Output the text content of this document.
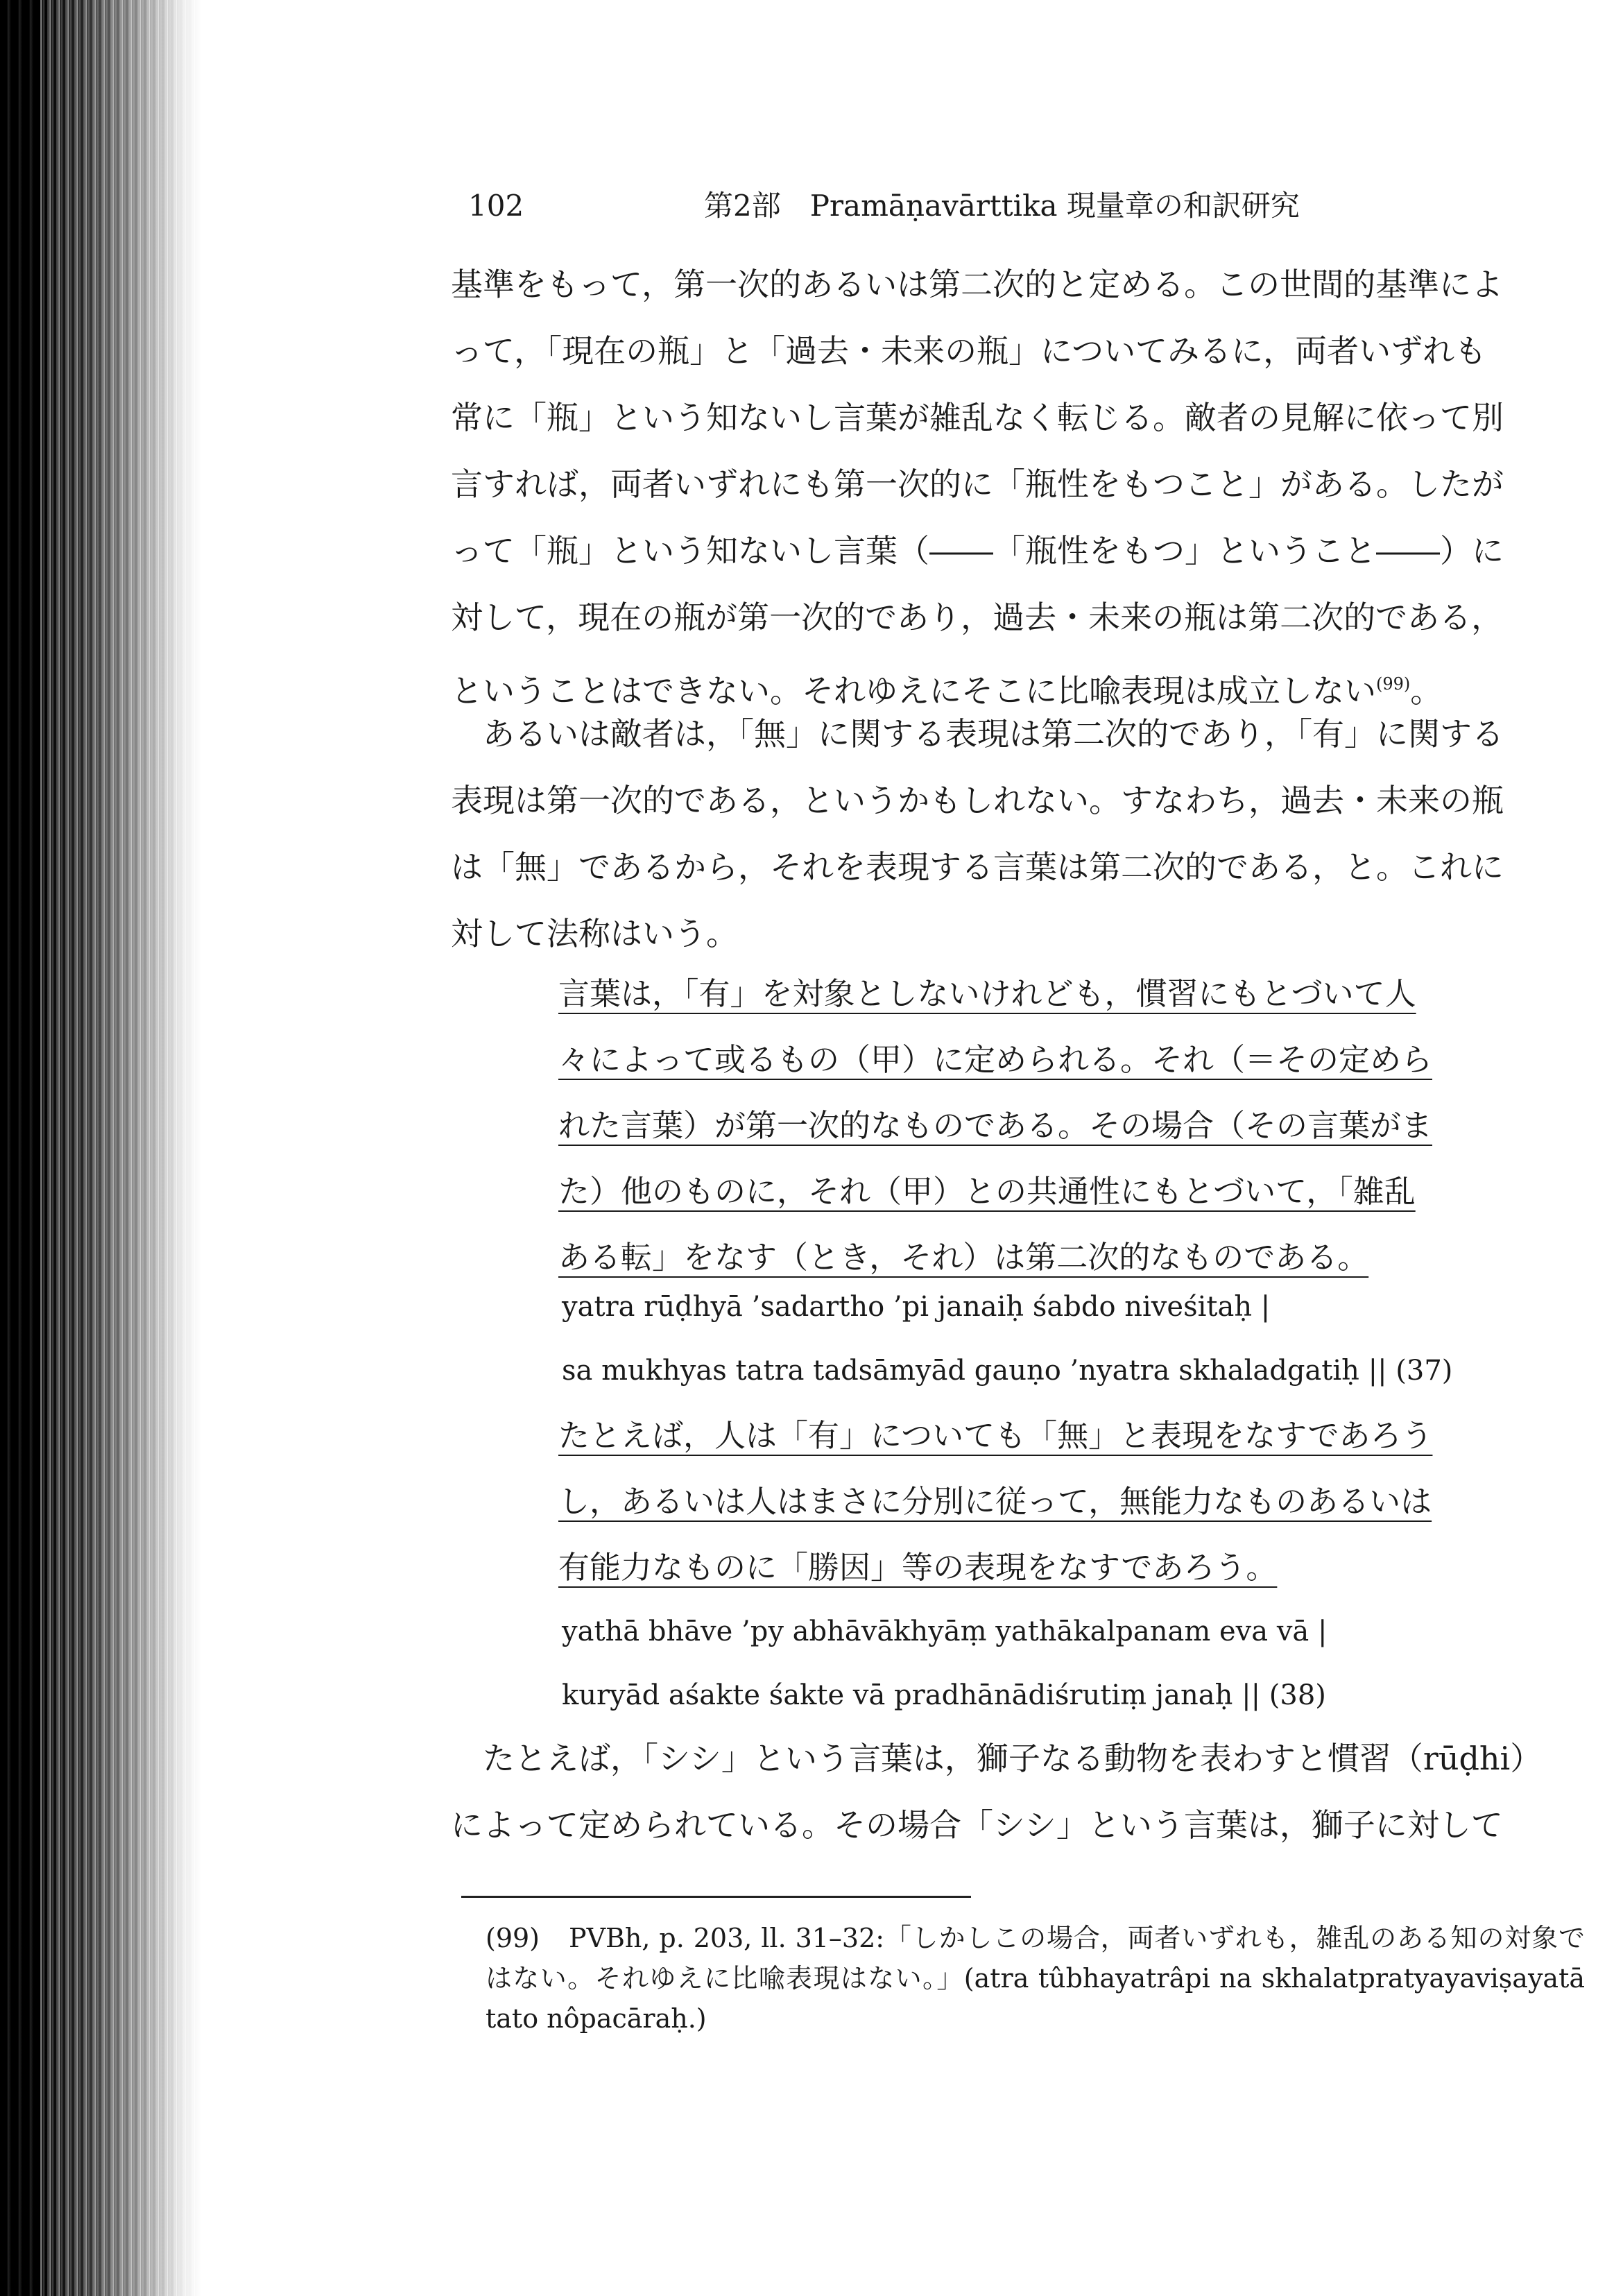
102	第2部　Pramāṇavārttika 現量章の和訳研究

基準をもって，第一次的あるいは第二次的と定める。この世間的基準によ

って，「現在の瓶」と「過去・未来の瓶」についてみるに，両者いずれも

常に「瓶」という知ないし言葉が雑乱なく転じる。敵者の見解に依って別

言すれば，両者いずれにも第一次的に「瓶性をもつこと」がある。したが

って「瓶」という知ないし言葉（――「瓶性をもつ」ということ――）に

対して，現在の瓶が第一次的であり，過去・未来の瓶は第二次的である，

ということはできない。それゆえにそこに比喩表現は成立しない$^{(99)}$。

あるいは敵者は，「無」に関する表現は第二次的であり，「有」に関する

表現は第一次的である，というかもしれない。すなわち，過去・未来の瓶

は「無」であるから，それを表現する言葉は第二次的である，と。これに

対して法称はいう。

言葉は，「有」を対象としないけれども，慣習にもとづいて人
々によって或るもの（甲）に定められる。それ（＝その定めら
れた言葉）が第一次的なものである。その場合（その言葉がま
た）他のものに，それ（甲）との共通性にもとづいて，「雑乱
ある転」をなす（とき，それ）は第二次的なものである。
yatra rūḍhyā ’sadartho ’pi janaiḥ śabdo niveśitaḥ |
sa mukhyas tatra tadsāmyād gauṇo ’nyatra skhaladgatiḥ || (37)
たとえば，人は「有」についても「無」と表現をなすであろう
し，あるいは人はまさに分別に従って，無能力なものあるいは
有能力なものに「勝因」等の表現をなすであろう。
yathā bhāve ’py abhāvākhyāṃ yathākalpanam eva vā |
kuryād aśakte śakte vā pradhānādiśrutiṃ janaḥ || (38)

たとえば，「シシ」という言葉は，獅子なる動物を表わすと慣習（rūḍhi）

によって定められている。その場合「シシ」という言葉は，獅子に対して

(99) PVBh, p. 203, ll. 31–32:「しかしこの場合，両者いずれも，雑乱のある知の対象ではない。それゆえに比喩表現はない。」(atra tûbhayatrâpi na skhalatpratyayaviṣayatā tato nôpacāraḥ.)
